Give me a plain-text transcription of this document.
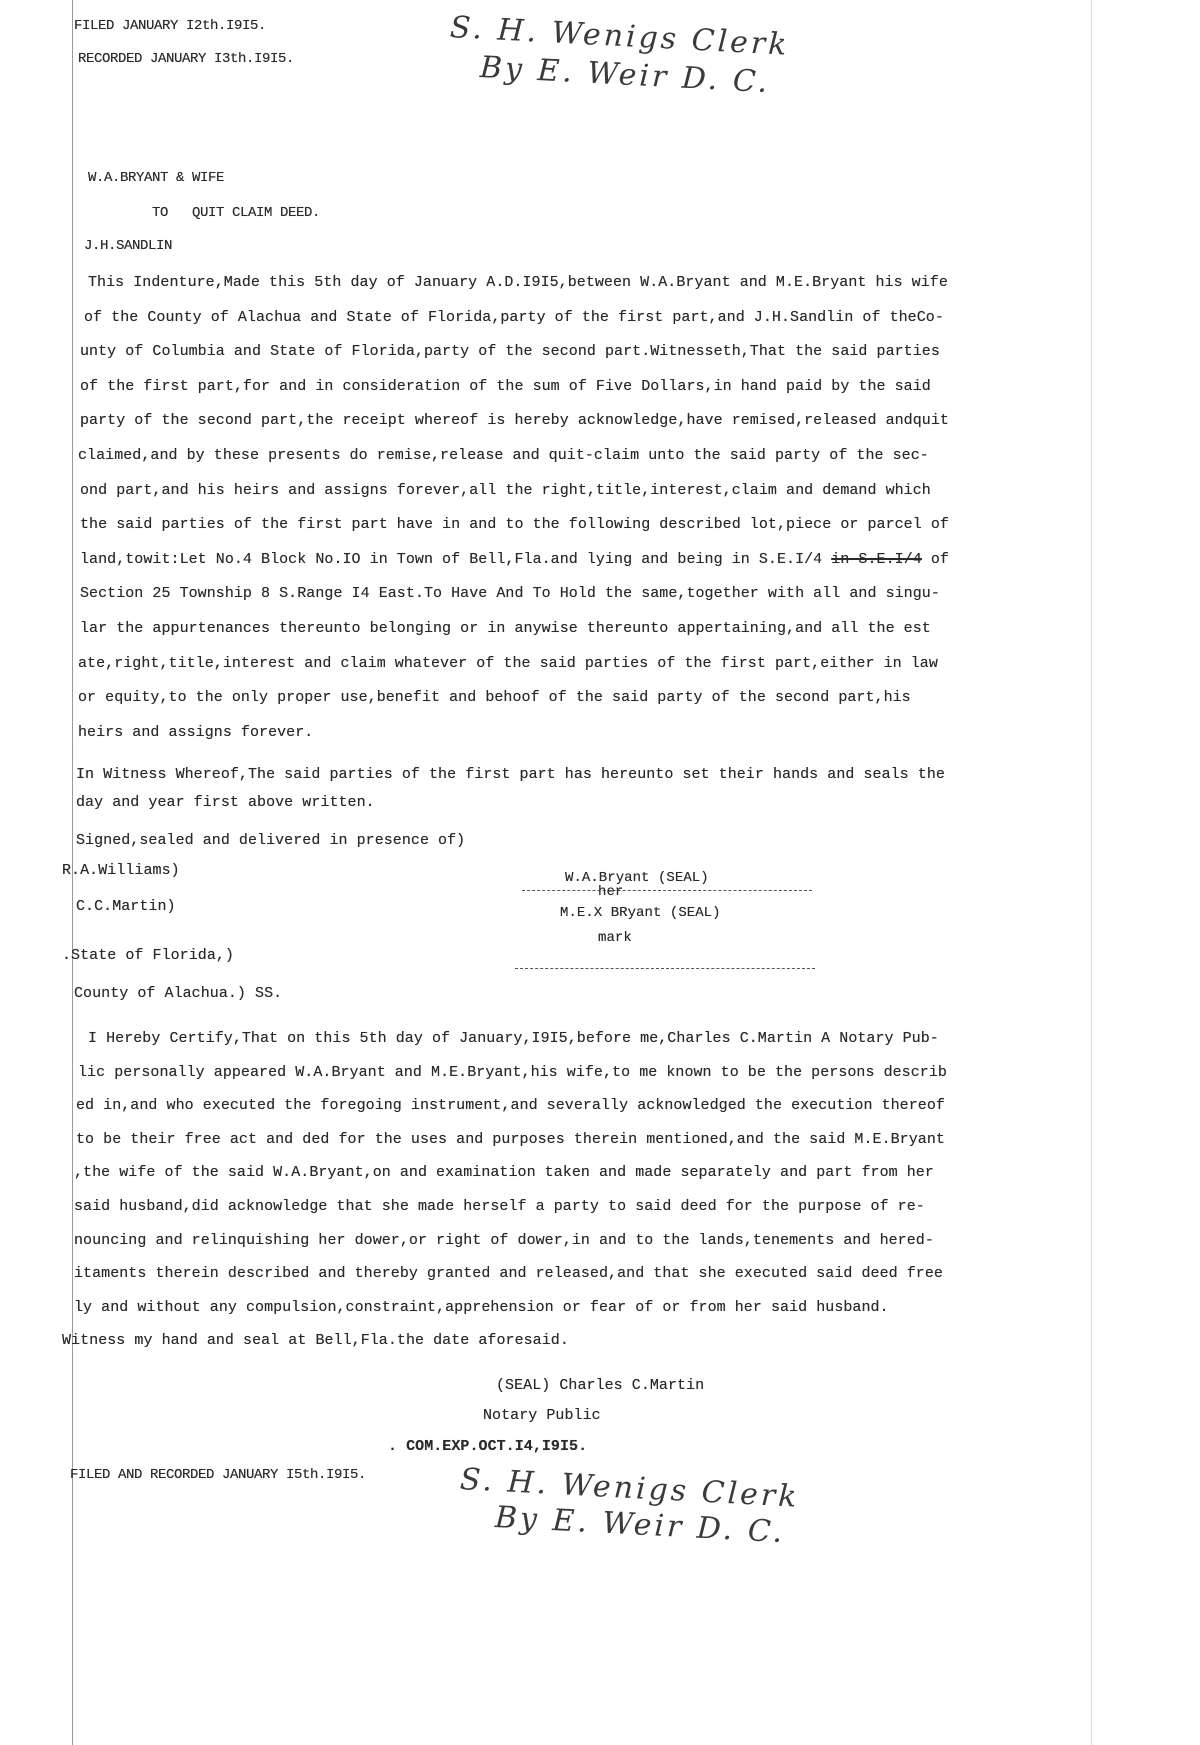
FILED JANUARY I2th.I9I5.
RECORDED JANUARY I3th.I9I5.	S. H. Wenigs Clerk
By E. Weir D. C.
W.A.BRYANT & WIFE
TO   QUIT CLAIM DEED.
J.H.SANDLIN
This Indenture,Made this 5th day of January A.D.I9I5,between W.A.Bryant and M.E.Bryant his wife
of the County of Alachua and State of Florida,party of the first part,and J.H.Sandlin of theCo-
unty of Columbia and State of Florida,party of the second part.Witnesseth,That the said parties
of the first part,for and in consideration of the sum of Five Dollars,in hand paid by the said
party of the second part,the receipt whereof is hereby acknowledge,have remised,released andquit
claimed,and by these presents do remise,release and quit-claim unto the said party of the sec-
ond part,and his heirs and assigns forever,all the right,title,interest,claim and demand which
the said parties of the first part have in and to the following described lot,piece or parcel of
land,towit:Let No.4 Block No.IO in Town of Bell,Fla.and lying and being in S.E.I/4 in S.E.I/4 of
Section 25 Township 8 S.Range I4 East.To Have And To Hold the same,together with all and singu-
lar the appurtenances thereunto belonging or in anywise thereunto appertaining,and all the est
ate,right,title,interest and claim whatever of the said parties of the first part,either in law
or equity,to the only proper use,benefit and behoof of the said party of the second part,his
heirs and assigns forever.
In Witness Whereof,The said parties of the first part has hereunto set their hands and seals the
day and year first above written.
Signed,sealed and delivered in presence of)
R.A.Williams)
C.C.Martin)
W.A.Bryant (SEAL)
her
M.E.X BRyant (SEAL)
mark
.State of Florida,)
County of Alachua.) SS.
I Hereby Certify,That on this 5th day of January,I9I5,before me,Charles C.Martin A Notary Pub-
lic personally appeared W.A.Bryant and M.E.Bryant,his wife,to me known to be the persons describ
ed in,and who executed the foregoing instrument,and severally acknowledged the execution thereof
to be their free act and ded for the uses and purposes therein mentioned,and the said M.E.Bryant
,the wife of the said W.A.Bryant,on and examination taken and made separately and part from her
said husband,did acknowledge that she made herself a party to said deed for the purpose of re-
nouncing and relinquishing her dower,or right of dower,in and to the lands,tenements and hered-
itaments therein described and thereby granted and released,and that she executed said deed free
ly and without any compulsion,constraint,apprehension or fear of or from her said husband.
Witness my hand and seal at Bell,Fla.the date aforesaid.
(SEAL) Charles C.Martin
Notary Public
. COM.EXP.OCT.I4,I9I5.
FILED AND RECORDED JANUARY I5th.I9I5.	S. H. Wenigs Clerk
By E. Weir D. C.
